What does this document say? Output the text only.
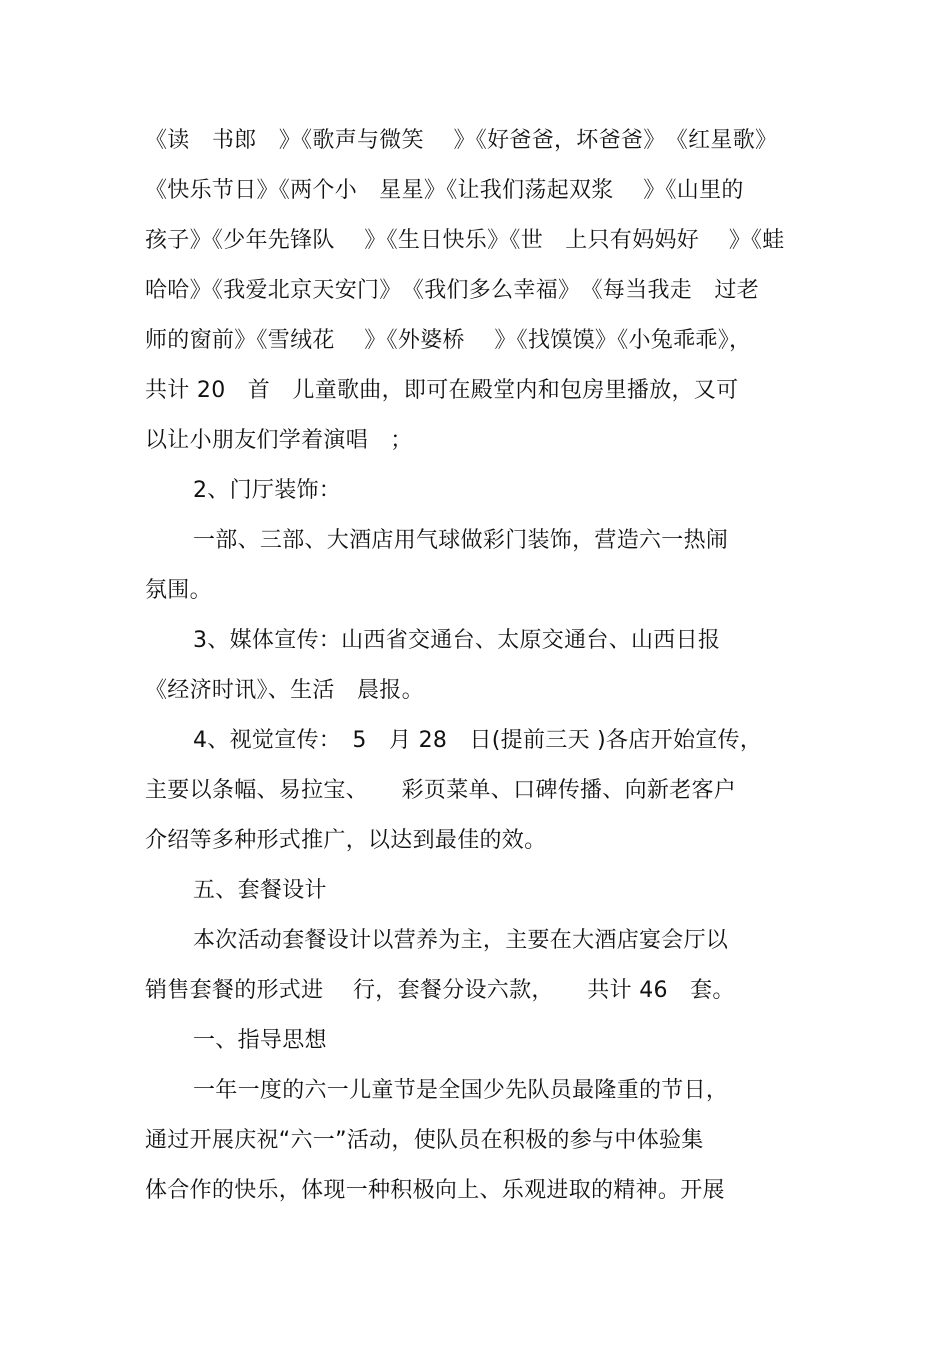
《读　书郎　》《歌声与微笑　 》《好爸爸，坏爸爸》　《红星歌》
《快乐节日》《两个小　星星》《让我们荡起双浆　 》《山里的
孩子》《少年先锋队　 》《生日快乐》《世　上只有妈妈好　 》《蛙
哈哈》《我爱北京天安门》　《我们多么幸福》　《每当我走　过老
师的窗前》《雪绒花　 》《外婆桥　 》《找馍馍》《小兔乖乖》，
共计 20　首　儿童歌曲，即可在殿堂内和包房里播放，又可
以让小朋友们学着演唱　；
2、门厅装饰：
一部、三部、大酒店用气球做彩门装饰，营造六一热闹
氛围。
3、媒体宣传：山西省交通台、太原交通台、山西日报
《经济时讯》、生活　晨报。
4、视觉宣传：　5　月 28　日(提前三天 )各店开始宣传，
主要以条幅、易拉宝、　　彩页菜单、口碑传播、向新老客户
介绍等多种形式推广，以达到最佳的效。
五、套餐设计
本次活动套餐设计以营养为主，主要在大酒店宴会厅以
销售套餐的形式进　 行，套餐分设六款，　　共计 46　套。
一、指导思想
一年一度的六一儿童节是全国少先队员最隆重的节日，
通过开展庆祝“六一”活动，使队员在积极的参与中体验集
体合作的快乐，体现一种积极向上、乐观进取的精神。开展
